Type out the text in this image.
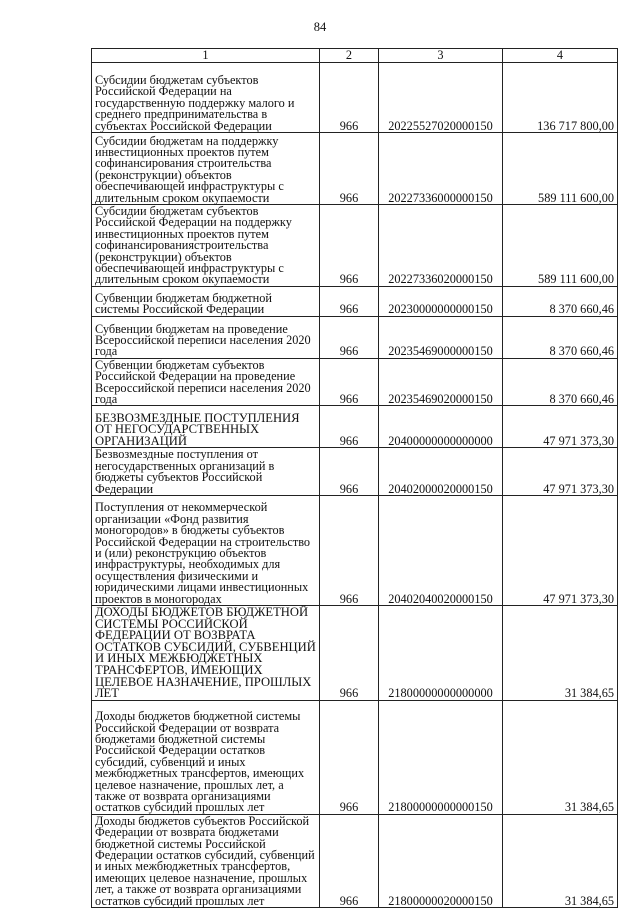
84
1	2	3	4
Субсидии бюджетам субъектов Российской Федерации на государственную поддержку малого и среднего предпринимательства в субъектах Российской Федерации	966	20225527020000150	136 717 800,00
Субсидии бюджетам на поддержку инвестиционных проектов путем софинансирования строительства (реконструкции) объектов обеспечивающей инфраструктуры с длительным сроком окупаемости	966	20227336000000150	589 111 600,00
Субсидии бюджетам субъектов Российской Федерации на поддержку инвестиционных проектов путем софинансированиястроительства (реконструкции) объектов обеспечивающей инфраструктуры с длительным сроком окупаемости	966	20227336020000150	589 111 600,00
Субвенции бюджетам бюджетной системы Российской Федерации	966	20230000000000150	8 370 660,46
Субвенции бюджетам на проведение Всероссийской переписи населения 2020 года	966	20235469000000150	8 370 660,46
Субвенции бюджетам субъектов Российской Федерации на проведение Всероссийской переписи населения 2020 года	966	20235469020000150	8 370 660,46
БЕЗВОЗМЕЗДНЫЕ ПОСТУПЛЕНИЯ ОТ НЕГОСУДАРСТВЕННЫХ ОРГАНИЗАЦИЙ	966	20400000000000000	47 971 373,30
Безвозмездные поступления от негосударственных организаций в бюджеты субъектов Российской Федерации	966	20402000020000150	47 971 373,30
Поступления от некоммерческой организации «Фонд развития моногородов» в бюджеты субъектов Российской Федерации на строительство и (или) реконструкцию объектов инфраструктуры, необходимых для осуществления физическими и юридическими лицами инвестиционных проектов в моногородах	966	20402040020000150	47 971 373,30
ДОХОДЫ БЮДЖЕТОВ БЮДЖЕТНОЙ СИСТЕМЫ РОССИЙСКОЙ ФЕДЕРАЦИИ ОТ ВОЗВРАТА ОСТАТКОВ СУБСИДИЙ, СУБВЕНЦИЙ И ИНЫХ МЕЖБЮДЖЕТНЫХ ТРАНСФЕРТОВ, ИМЕЮЩИХ ЦЕЛЕВОЕ НАЗНАЧЕНИЕ, ПРОШЛЫХ ЛЕТ	966	21800000000000000	31 384,65
Доходы бюджетов бюджетной системы Российской Федерации от возврата бюджетами бюджетной системы Российской Федерации остатков субсидий, субвенций и иных межбюджетных трансфертов, имеющих целевое назначение, прошлых лет, а также от возврата организациями остатков субсидий прошлых лет	966	21800000000000150	31 384,65
Доходы бюджетов субъектов Российской Федерации от возврата бюджетами бюджетной системы Российской Федерации остатков субсидий, субвенций и иных межбюджетных трансфертов, имеющих целевое назначение, прошлых лет, а также от возврата организациями остатков субсидий прошлых лет	966	21800000020000150	31 384,65
